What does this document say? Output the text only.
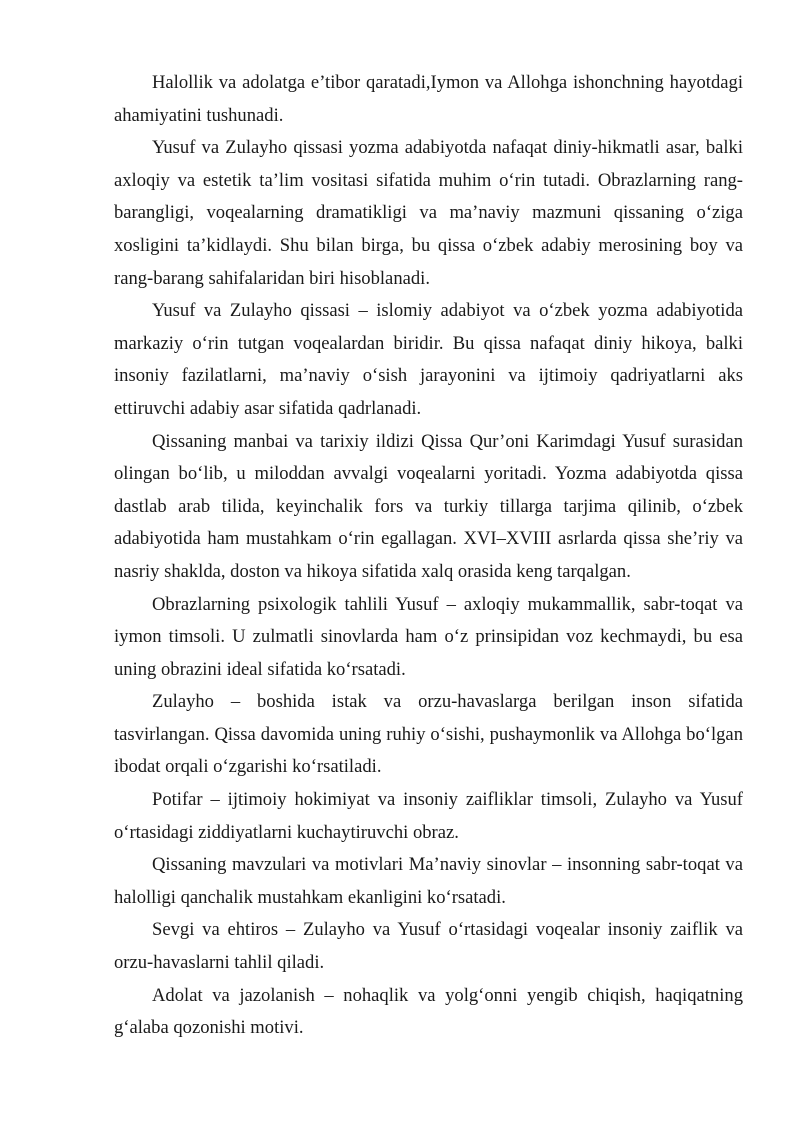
Halollik va adolatga e’tibor qaratadi,Iymon va Allohga ishonchning hayotdagi ahamiyatini tushunadi.

Yusuf va Zulayho qissasi yozma adabiyotda nafaqat diniy-hikmatli asar, balki axloqiy va estetik ta’lim vositasi sifatida muhim o‘rin tutadi. Obrazlarning rang-barangligi, voqealarning dramatikligi va ma’naviy mazmuni qissaning o‘ziga xosligini ta’kidlaydi. Shu bilan birga, bu qissa o‘zbek adabiy merosining boy va rang-barang sahifalaridan biri hisoblanadi.

Yusuf va Zulayho qissasi – islomiy adabiyot va o‘zbek yozma adabiyotida markaziy o‘rin tutgan voqealardan biridir. Bu qissa nafaqat diniy hikoya, balki insoniy fazilatlarni, ma’naviy o‘sish jarayonini va ijtimoiy qadriyatlarni aks ettiruvchi adabiy asar sifatida qadrlanadi.

Qissaning manbai va tarixiy ildizi Qissa Qur’oni Karimdagi Yusuf surasidan olingan bo‘lib, u miloddan avvalgi voqealarni yoritadi. Yozma adabiyotda qissa dastlab arab tilida, keyinchalik fors va turkiy tillarga tarjima qilinib, o‘zbek adabiyotida ham mustahkam o‘rin egallagan. XVI–XVIII asrlarda qissa she’riy va nasriy shaklda, doston va hikoya sifatida xalq orasida keng tarqalgan.

Obrazlarning psixologik tahlili Yusuf – axloqiy mukammallik, sabr-toqat va iymon timsoli. U zulmatli sinovlarda ham o‘z prinsipidan voz kechmaydi, bu esa uning obrazini ideal sifatida ko‘rsatadi.

Zulayho – boshida istak va orzu-havaslarga berilgan inson sifatida tasvirlangan. Qissa davomida uning ruhiy o‘sishi, pushaymonlik va Allohga bo‘lgan ibodat orqali o‘zgarishi ko‘rsatiladi.

Potifar – ijtimoiy hokimiyat va insoniy zaifliklar timsoli, Zulayho va Yusuf o‘rtasidagi ziddiyatlarni kuchaytiruvchi obraz.

Qissaning mavzulari va motivlari Ma’naviy sinovlar – insonning sabr-toqat va halolligi qanchalik mustahkam ekanligini ko‘rsatadi.

Sevgi va ehtiros – Zulayho va Yusuf o‘rtasidagi voqealar insoniy zaiflik va orzu-havaslarni tahlil qiladi.

Adolat va jazolanish – nohaqlik va yolg‘onni yengib chiqish, haqiqatning g‘alaba qozonishi motivi.
